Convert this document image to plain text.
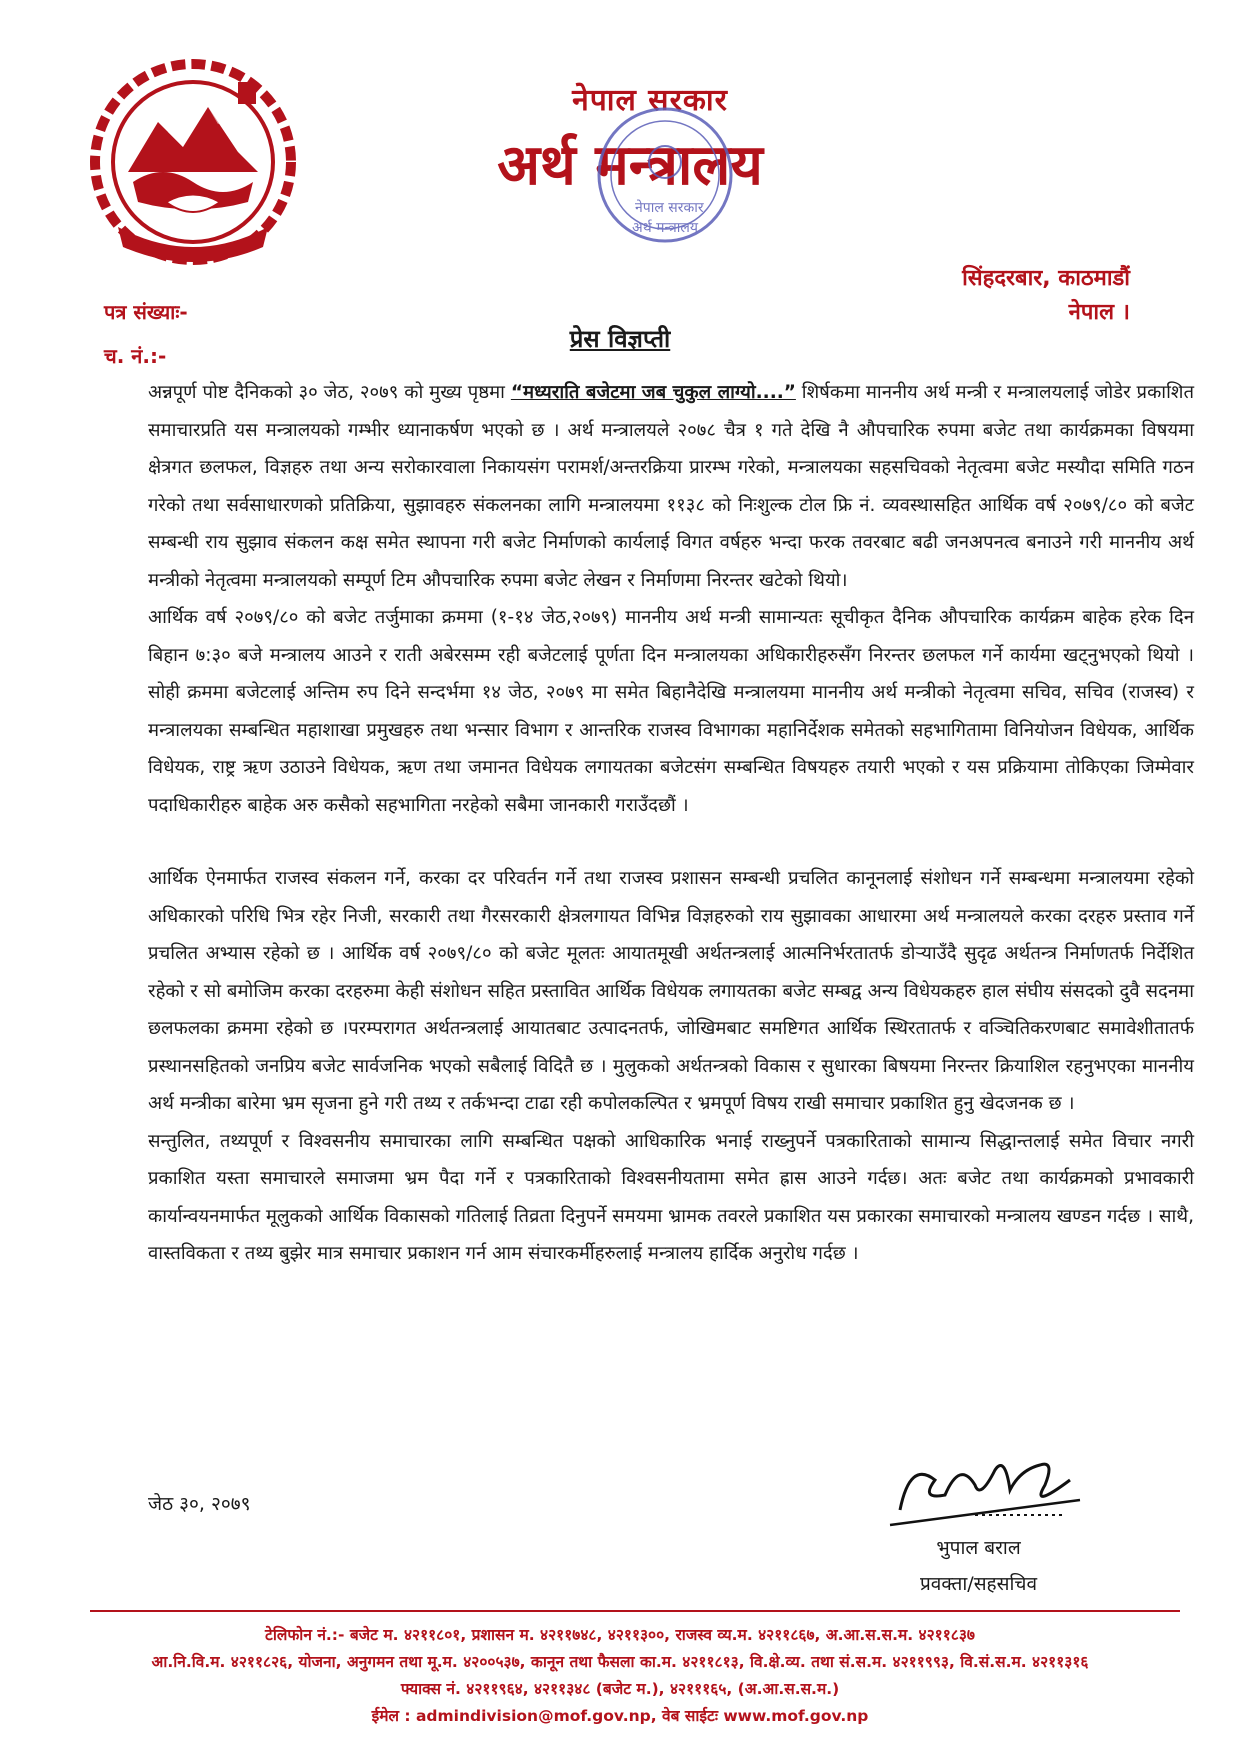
नेपाल सरकार
अर्थ मन्त्रालय
नेपाल सरकार
अर्थ मन्त्रालय
सिंहदरबार, काठमाडौं
नेपाल ।
पत्र संख्याः-
च. नं.:-
प्रेस विज्ञप्ती

अन्नपूर्ण पोष्ट दैनिकको ३० जेठ, २०७९ को मुख्य पृष्ठमा “मध्यराति बजेटमा जब चुकुल लाग्यो....” शिर्षकमा माननीय अर्थ मन्त्री र मन्त्रालयलाई जोडेर प्रकाशित समाचारप्रति यस मन्त्रालयको गम्भीर ध्यानाकर्षण भएको छ । अर्थ मन्त्रालयले २०७८ चैत्र १ गते देखि नै औपचारिक रुपमा बजेट तथा कार्यक्रमका विषयमा क्षेत्रगत छलफल, विज्ञहरु तथा अन्य सरोकारवाला निकायसंग परामर्श/अन्तरक्रिया प्रारम्भ गरेको, मन्त्रालयका सहसचिवको नेतृत्वमा बजेट मस्यौदा समिति गठन गरेको तथा सर्वसाधारणको प्रतिक्रिया, सुझावहरु संकलनका लागि मन्त्रालयमा ११३८ को निःशुल्क टोल फ्रि नं. व्यवस्थासहित आर्थिक वर्ष २०७९/८० को बजेट सम्बन्धी राय सुझाव संकलन कक्ष समेत स्थापना गरी बजेट निर्माणको कार्यलाई विगत वर्षहरु भन्दा फरक तवरबाट बढी जनअपनत्व बनाउने गरी माननीय अर्थ मन्त्रीको नेतृत्वमा मन्त्रालयको सम्पूर्ण टिम औपचारिक रुपमा बजेट लेखन र निर्माणमा निरन्तर खटेको थियो।

आर्थिक वर्ष २०७९/८० को बजेट तर्जुमाका क्रममा (१-१४ जेठ,२०७९) माननीय अर्थ मन्त्री सामान्यतः सूचीकृत दैनिक औपचारिक कार्यक्रम बाहेक हरेक दिन बिहान ७:३० बजे मन्त्रालय आउने र राती अबेरसम्म रही बजेटलाई पूर्णता दिन मन्त्रालयका अधिकारीहरुसँग निरन्तर छलफल गर्ने कार्यमा खट्नुभएको थियो । सोही क्रममा बजेटलाई अन्तिम रुप दिने सन्दर्भमा १४ जेठ, २०७९ मा समेत बिहानैदेखि मन्त्रालयमा माननीय अर्थ मन्त्रीको नेतृत्वमा सचिव, सचिव (राजस्व) र मन्त्रालयका सम्बन्धित महाशाखा प्रमुखहरु तथा भन्सार विभाग र आन्तरिक राजस्व विभागका महानिर्देशक समेतको सहभागितामा विनियोजन विधेयक, आर्थिक विधेयक, राष्ट्र ऋण उठाउने विधेयक, ऋण तथा जमानत विधेयक लगायतका बजेटसंग सम्बन्धित विषयहरु तयारी भएको र यस प्रक्रियामा तोकिएका जिम्मेवार पदाधिकारीहरु बाहेक अरु कसैको सहभागिता नरहेको सबैमा जानकारी गराउँदछौं ।

आर्थिक ऐनमार्फत राजस्व संकलन गर्ने, करका दर परिवर्तन गर्ने तथा राजस्व प्रशासन सम्बन्धी प्रचलित कानूनलाई संशोधन गर्ने सम्बन्धमा मन्त्रालयमा रहेको अधिकारको परिधि भित्र रहेर निजी, सरकारी तथा गैरसरकारी क्षेत्रलगायत विभिन्न विज्ञहरुको राय सुझावका आधारमा अर्थ मन्त्रालयले करका दरहरु प्रस्ताव गर्ने प्रचलित अभ्यास रहेको छ । आर्थिक वर्ष २०७९/८० को बजेट मूलतः आयातमूखी अर्थतन्त्रलाई आत्मनिर्भरतातर्फ डोऱ्याउँदै सुदृढ अर्थतन्त्र निर्माणतर्फ निर्देशित रहेको र सो बमोजिम करका दरहरुमा केही संशोधन सहित प्रस्तावित आर्थिक विधेयक लगायतका बजेट सम्बद्व अन्य विधेयकहरु हाल संघीय संसदको दुवै सदनमा छलफलका क्रममा रहेको छ ।परम्परागत अर्थतन्त्रलाई आयातबाट उत्पादनतर्फ, जोखिमबाट समष्टिगत आर्थिक स्थिरतातर्फ र वञ्चितिकरणबाट समावेशीतातर्फ प्रस्थानसहितको जनप्रिय बजेट सार्वजनिक भएको सबैलाई विदितै छ । मुलुकको अर्थतन्त्रको विकास र सुधारका बिषयमा निरन्तर क्रियाशिल रहनुभएका माननीय अर्थ मन्त्रीका बारेमा भ्रम सृजना हुने गरी तथ्य र तर्कभन्दा टाढा रही कपोलकल्पित र भ्रमपूर्ण विषय राखी समाचार प्रकाशित हुनु खेदजनक छ ।

सन्तुलित, तथ्यपूर्ण र विश्वसनीय समाचारका लागि सम्बन्धित पक्षको आधिकारिक भनाई राख्नुपर्ने पत्रकारिताको सामान्य सिद्धान्तलाई समेत विचार नगरी प्रकाशित यस्ता समाचारले समाजमा भ्रम पैदा गर्ने र पत्रकारिताको विश्वसनीयतामा समेत ह्रास आउने गर्दछ। अतः बजेट तथा कार्यक्रमको प्रभावकारी कार्यान्वयनमार्फत मूलुकको आर्थिक विकासको गतिलाई तिव्रता दिनुपर्ने समयमा भ्रामक तवरले प्रकाशित यस प्रकारका समाचारको मन्त्रालय खण्डन गर्दछ । साथै, वास्तविकता र तथ्य बुझेर मात्र समाचार प्रकाशन गर्न आम संचारकर्मीहरुलाई मन्त्रालय हार्दिक अनुरोध गर्दछ ।

जेठ ३०, २०७९
भुपाल बराल
प्रवक्ता/सहसचिव
टेलिफोन नं.:- बजेट म. ४२११८०१, प्रशासन म. ४२११७४८, ४२११३००, राजस्व व्य.म. ४२११८६७, अ.आ.स.स.म. ४२११८३७
आ.नि.वि.म. ४२११८२६, योजना, अनुगमन तथा मू.म. ४२००५३७, कानून तथा फैसला का.म. ४२११८१३, वि.क्षे.व्य. तथा सं.स.म. ४२११९९३, वि.सं.स.म. ४२११३१६
फ्याक्स नं. ४२११९६४, ४२११३४८ (बजेट म.), ४२१११६५, (अ.आ.स.स.म.)
ईमेल : admindivision@mof.gov.np, वेब साईटः www.mof.gov.np
